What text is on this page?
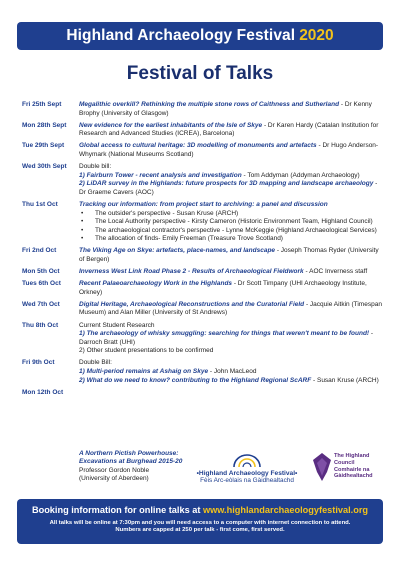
Highland Archaeology Festival 2020
Festival of Talks
Fri 25th Sept	Megalithic overkill? Rethinking the multiple stone rows of Caithness and Sutherland - Dr Kenny Brophy (University of Glasgow)
Mon 28th Sept	New evidence for the earliest inhabitants of the Isle of Skye - Dr Karen Hardy (Catalan Institution for Research and Advanced Studies (ICREA), Barcelona)
Tue 29th Sept	Global access to cultural heritage: 3D modelling of monuments and artefacts - Dr Hugo Anderson-Whymark (National Museums Scotland)
Wed 30th Sept	Double bill:
1) Fairburn Tower - recent analysis and investigation - Tom Addyman (Addyman Archaeology)
2) LiDAR survey in the Highlands: future prospects for 3D mapping and landscape archaeology - Dr Graeme Cavers (AOC)
Thu 1st Oct	Tracking our information: from project start to archiving: a panel and discussion
•	The outsider's perspective - Susan Kruse (ARCH)
•	The Local Authority perspective - Kirsty Cameron (Historic Environment Team, Highland Council)
•	The archaeological contractor's perspective - Lynne McKeggie (Highland Archaeological Services)
•	The allocation of finds- Emily Freeman (Treasure Trove Scotland)
Fri 2nd Oct	The Viking Age on Skye: artefacts, place-names, and landscape - Joseph Thomas Ryder (University of Bergen)
Mon 5th Oct	Inverness West Link Road Phase 2 - Results of Archaeological Fieldwork - AOC Inverness staff
Tues 6th Oct	Recent Palaeoarchaeology Work in the Highlands - Dr Scott Timpany (UHI Archaeology Institute, Orkney)
Wed 7th Oct	Digital Heritage, Archaeological Reconstructions and the Curatorial Field - Jacquie Aitkin (Timespan Museum) and Alan Miller (University of St Andrews)
Thu 8th Oct	Current Student Research
1) The archaeology of whisky smuggling: searching for things that weren't meant to be found! - Darroch Bratt (UHI)
2) Other student presentations to be confirmed
Fri 9th Oct	Double Bill:
1) Multi-period remains at Ashaig on Skye - John MacLeod
2) What do we need to know? contributing to the Highland Regional ScARF - Susan Kruse (ARCH)
Mon 12th Oct
A Northern Pictish Powerhouse:
Excavations at Burghead 2015-20
Professor Gordon Noble
(University of Aberdeen)
•Highland Archaeology Festival•
Fèis Arc-eòlais na Gàidhealtachd
The Highland
Council
Comhairle na
Gàidhealtachd
Booking information for online talks at www.highlandarchaeologyfestival.org
All talks will be online at 7:30pm and you will need access to a computer with internet connection to attend.
Numbers are capped at 250 per talk - first come, first served.
